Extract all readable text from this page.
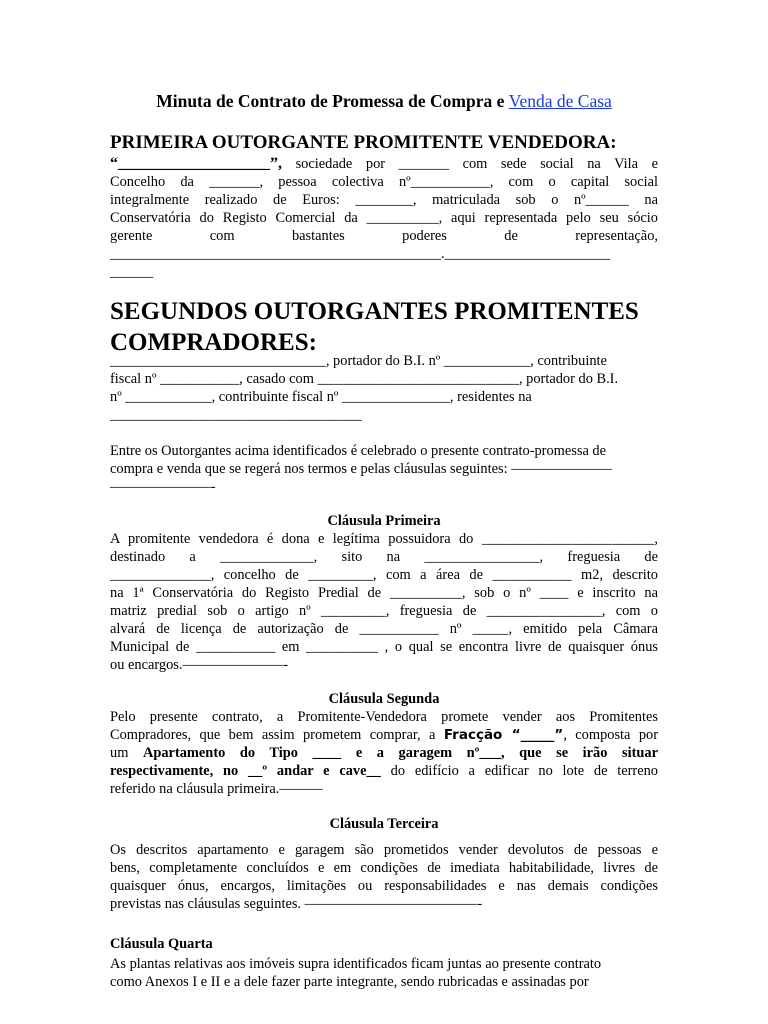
Minuta de Contrato de Promessa de Compra e Venda de Casa
PRIMEIRA OUTORGANTE PROMITENTE VENDEDORA:
“___________________”, sociedade por _______ com sede social na Vila e
Concelho da _______, pessoa colectiva nº___________, com o capital social
integralmente realizado de Euros: ________, matriculada sob o nº______ na
Conservatória do Registo Comercial da __________, aqui representada pelo seu sócio
gerente com bastantes poderes de representação,
______________________________________________._______________________
______
SEGUNDOS OUTORGANTES PROMITENTES
COMPRADORES:
______________________________, portador do B.I. nº ____________, contribuinte
fiscal nº ___________, casado com ____________________________, portador do B.I.
nº ____________, contribuinte fiscal nº _______________, residentes na
___________________________________
Entre os Outorgantes acima identificados é celebrado o presente contrato-promessa de
compra e venda que se regerá nos termos e pelas cláusulas seguintes: ———————
———————-
Cláusula Primeira
A promitente vendedora é dona e legítima possuidora do ________________________,
destinado a _____________, sito na ________________, freguesia de
______________, concelho de _________, com a área de ___________ m2, descrito
na 1ª Conservatória do Registo Predial de __________, sob o nº ____ e inscrito na
matriz predial sob o artigo nº _________, freguesia de ________________, com o
alvará de licença de autorização de ___________ nº _____, emitido pela Câmara
Municipal de ___________ em __________ , o qual se encontra livre de quaisquer ónus
ou encargos.———————-
Cláusula Segunda
Pelo presente contrato, a Promitente-Vendedora promete vender aos Promitentes
Compradores, que bem assim prometem comprar, a Fracção “_____”, composta por
um Apartamento do Tipo ____ e a garagem nº___, que se irão situar
respectivamente, no __º andar e cave__ do edifício a edificar no lote de terreno
referido na cláusula primeira.———
Cláusula Terceira
Os descritos apartamento e garagem são prometidos vender devolutos de pessoas e
bens, completamente concluídos e em condições de imediata habitabilidade, livres de
quaisquer ónus, encargos, limitações ou responsabilidades e nas demais condições
previstas nas cláusulas seguintes. ————————————-
Cláusula Quarta
As plantas relativas aos imóveis supra identificados ficam juntas ao presente contrato
como Anexos I e II e a dele fazer parte integrante, sendo rubricadas e assinadas por
